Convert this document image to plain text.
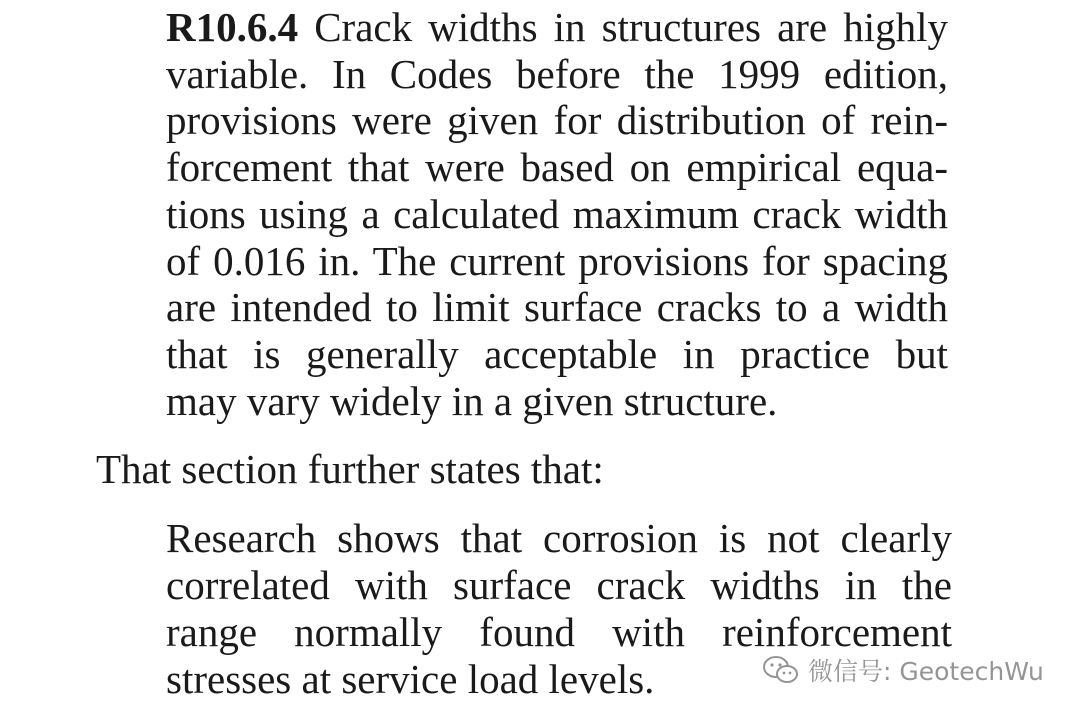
R10.6.4 Crack widths in structures are highly
variable. In Codes before the 1999 edition,
provisions were given for distribution of rein-
forcement that were based on empirical equa-
tions using a calculated maximum crack width
of 0.016 in. The current provisions for spacing
are intended to limit surface cracks to a width
that is generally acceptable in practice but
may vary widely in a given structure.
That section further states that:
Research shows that corrosion is not clearly
correlated with surface crack widths in the
range normally found with reinforcement
stresses at service load levels.	微信号: GeotechWu
